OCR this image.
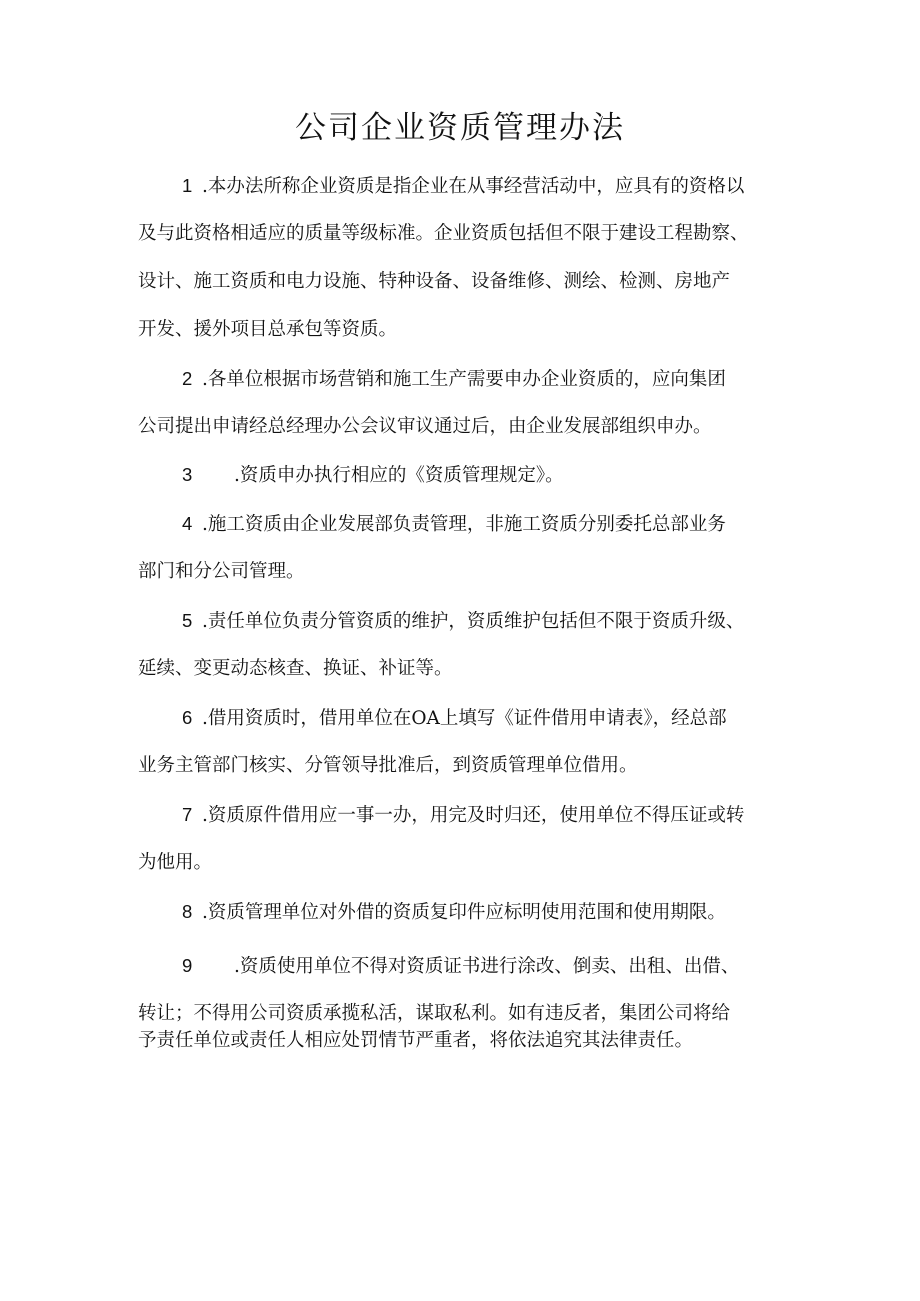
公司企业资质管理办法
1 .本办法所称企业资质是指企业在从事经营活动中，应具有的资格以
及与此资格相适应的质量等级标准。企业资质包括但不限于建设工程勘察、
设计、施工资质和电力设施、特种设备、设备维修、测绘、检测、房地产
开发、援外项目总承包等资质。
2 .各单位根据市场营销和施工生产需要申办企业资质的，应向集团
公司提出申请经总经理办公会议审议通过后，由企业发展部组织申办。
3 .资质申办执行相应的《资质管理规定》。
4 .施工资质由企业发展部负责管理，非施工资质分别委托总部业务
部门和分公司管理。
5 .责任单位负责分管资质的维护，资质维护包括但不限于资质升级、
延续、变更动态核查、换证、补证等。
6 .借用资质时，借用单位在OA上填写《证件借用申请表》，经总部
业务主管部门核实、分管领导批准后，到资质管理单位借用。
7 .资质原件借用应一事一办，用完及时归还，使用单位不得压证或转
为他用。
8 .资质管理单位对外借的资质复印件应标明使用范围和使用期限。
9 .资质使用单位不得对资质证书进行涂改、倒卖、出租、出借、
转让；不得用公司资质承揽私活，谋取私利。如有违反者，集团公司将给
予责任单位或责任人相应处罚情节严重者，将依法追究其法律责任。
